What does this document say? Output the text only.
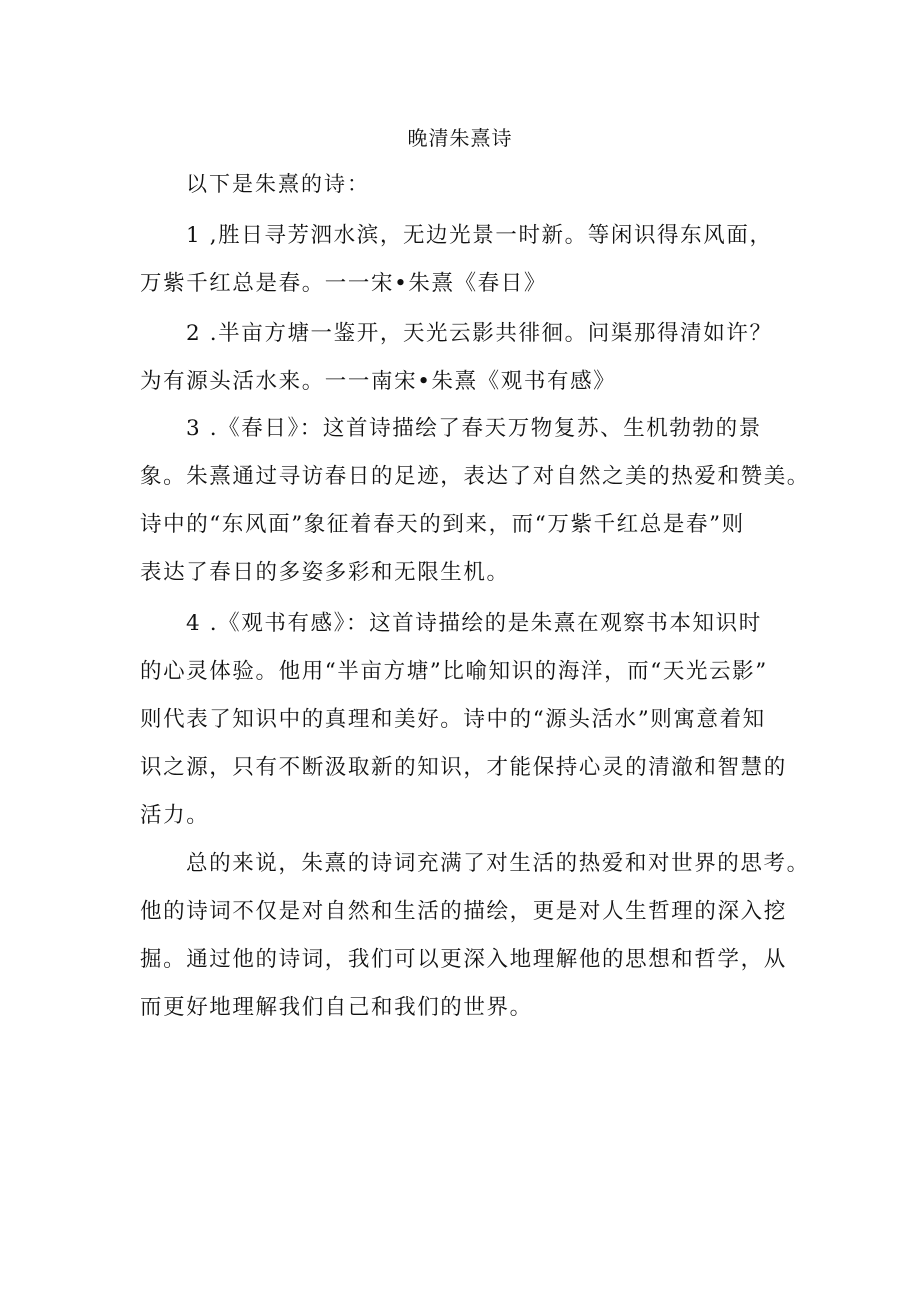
晚清朱熹诗
以下是朱熹的诗：
1 ,胜日寻芳泗水滨，无边光景一时新。等闲识得东风面，
万紫千红总是春。一一宋•朱熹《春日》
2 .半亩方塘一鉴开，天光云影共徘徊。问渠那得清如许？
为有源头活水来。一一南宋•朱熹《观书有感》
3 .《春日》：这首诗描绘了春天万物复苏、生机勃勃的景
象。朱熹通过寻访春日的足迹，表达了对自然之美的热爱和赞美。
诗中的“东风面”象征着春天的到来，而“万紫千红总是春”则
表达了春日的多姿多彩和无限生机。
4 .《观书有感》：这首诗描绘的是朱熹在观察书本知识时
的心灵体验。他用“半亩方塘”比喻知识的海洋，而“天光云影”
则代表了知识中的真理和美好。诗中的“源头活水”则寓意着知
识之源，只有不断汲取新的知识，才能保持心灵的清澈和智慧的
活力。
总的来说，朱熹的诗词充满了对生活的热爱和对世界的思考。
他的诗词不仅是对自然和生活的描绘，更是对人生哲理的深入挖
掘。通过他的诗词，我们可以更深入地理解他的思想和哲学，从
而更好地理解我们自己和我们的世界。
